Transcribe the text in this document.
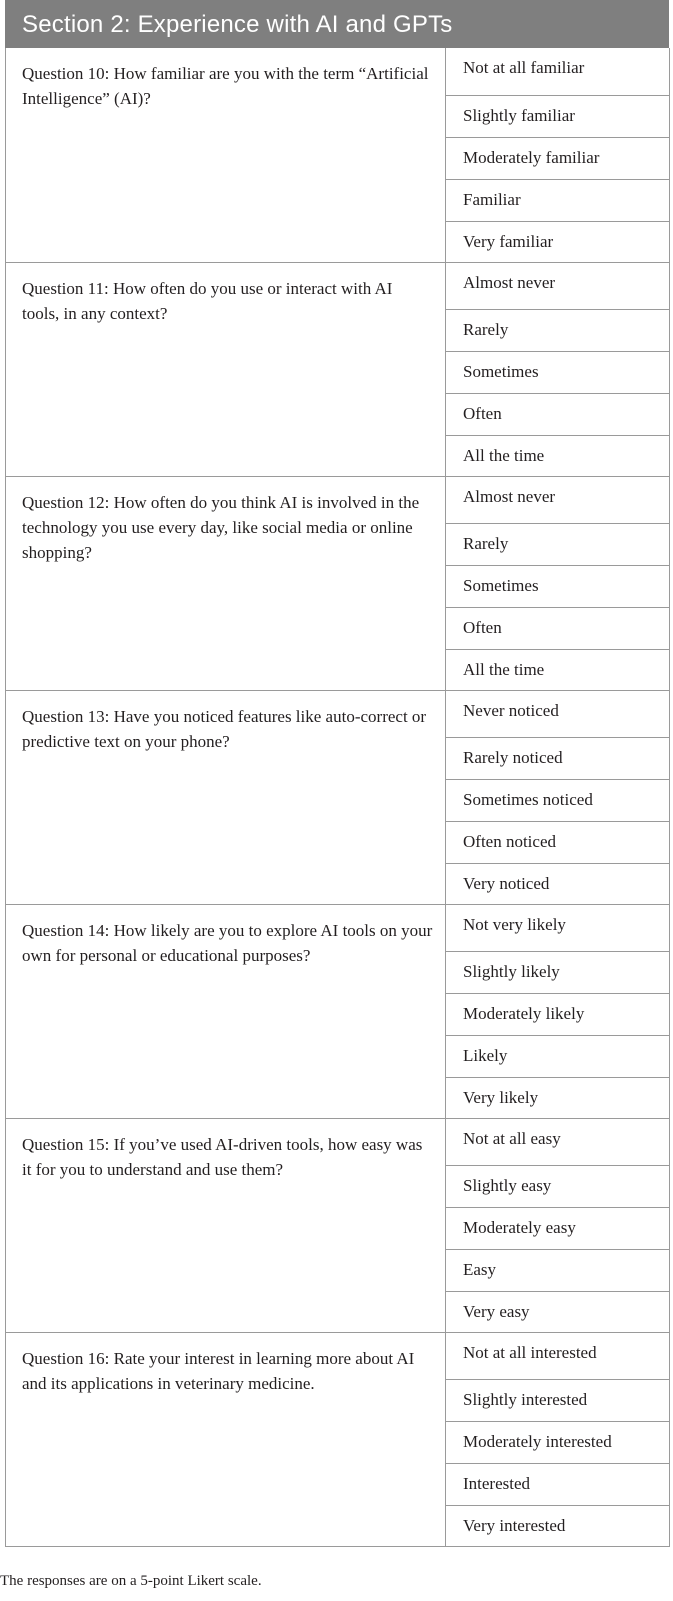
Section 2: Experience with AI and GPTs
Question 10: How familiar are you with the term “Artificial Intelligence” (AI)?	Not at all familiar
	Slightly familiar
	Moderately familiar
	Familiar
	Very familiar
Question 11: How often do you use or interact with AI tools, in any context?	Almost never
	Rarely
	Sometimes
	Often
	All the time
Question 12: How often do you think AI is involved in the technology you use every day, like social media or online shopping?	Almost never
	Rarely
	Sometimes
	Often
	All the time
Question 13: Have you noticed features like auto-correct or predictive text on your phone?	Never noticed
	Rarely noticed
	Sometimes noticed
	Often noticed
	Very noticed
Question 14: How likely are you to explore AI tools on your own for personal or educational purposes?	Not very likely
	Slightly likely
	Moderately likely
	Likely
	Very likely
Question 15: If you’ve used AI-driven tools, how easy was it for you to understand and use them?	Not at all easy
	Slightly easy
	Moderately easy
	Easy
	Very easy
Question 16: Rate your interest in learning more about AI and its applications in veterinary medicine.	Not at all interested
	Slightly interested
	Moderately interested
	Interested
	Very interested
The responses are on a 5-point Likert scale.
